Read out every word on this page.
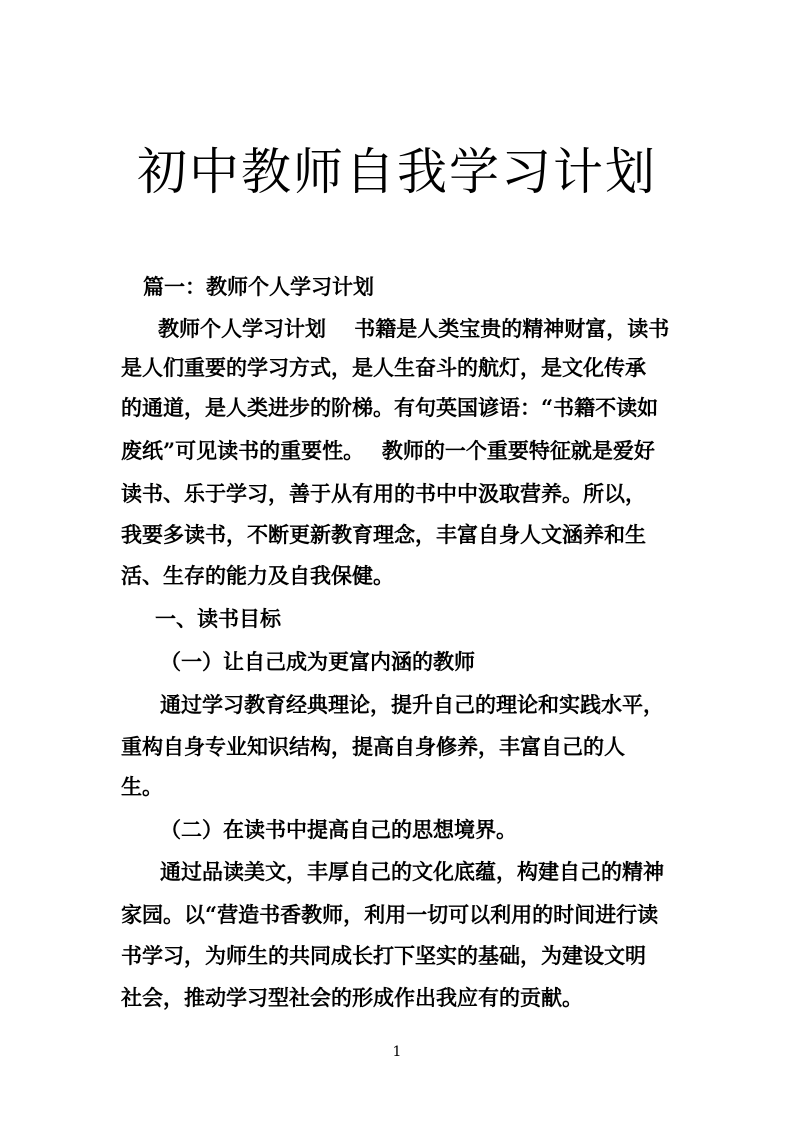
初中教师自我学习计划

篇一：教师个人学习计划

教师个人学习计划　 书籍是人类宝贵的精神财富，读书

是人们重要的学习方式，是人生奋斗的航灯，是文化传承

的通道，是人类进步的阶梯。有句英国谚语：“书籍不读如

废纸”可见读书的重要性。　 教师的一个重要特征就是爱好

读书、乐于学习，善于从有用的书中中汲取营养。所以，

我要多读书，不断更新教育理念，丰富自身人文涵养和生

活、生存的能力及自我保健。

一、读书目标

（一）让自己成为更富内涵的教师

通过学习教育经典理论，提升自己的理论和实践水平，

重构自身专业知识结构，提高自身修养，丰富自己的人

生。

（二）在读书中提高自己的思想境界。

通过品读美文，丰厚自己的文化底蕴，构建自己的精神

家园。以“营造书香教师，利用一切可以利用的时间进行读

书学习，为师生的共同成长打下坚实的基础，为建设文明

社会，推动学习型社会的形成作出我应有的贡献。

1
